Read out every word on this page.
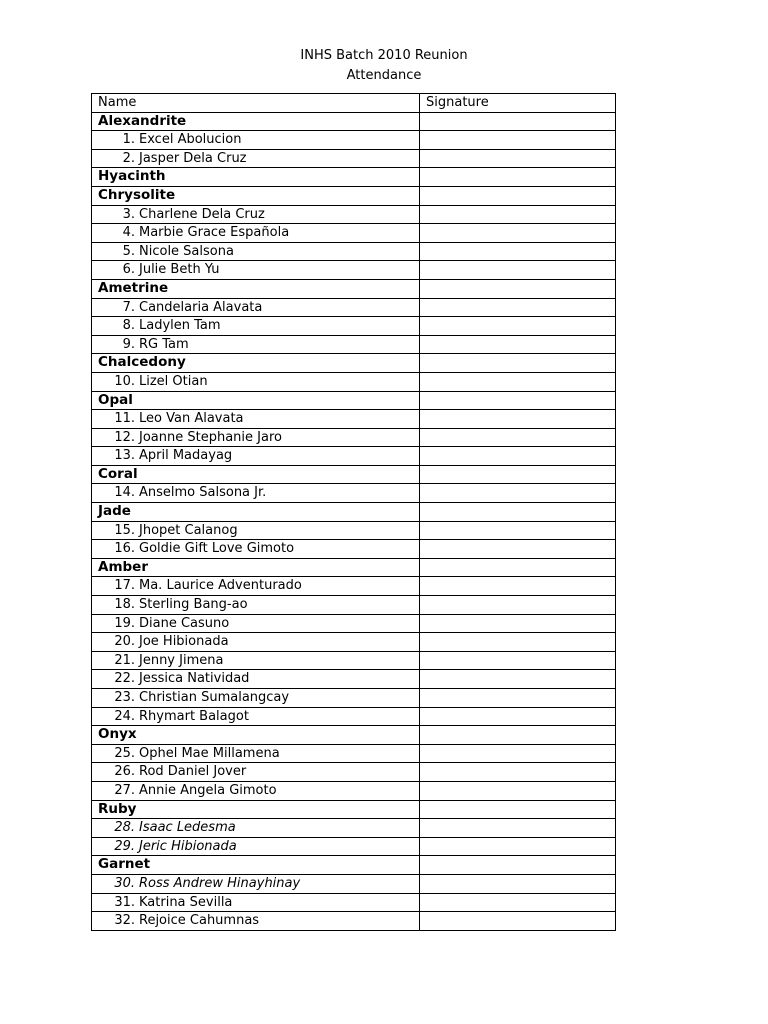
INHS Batch 2010 Reunion
Attendance
Name	Signature
Alexandrite	
1. Excel Abolucion	
2. Jasper Dela Cruz	
Hyacinth	
Chrysolite	
3. Charlene Dela Cruz	
4. Marbie Grace Española	
5. Nicole Salsona	
6. Julie Beth Yu	
Ametrine	
7. Candelaria Alavata	
8. Ladylen Tam	
9. RG Tam	
Chalcedony	
10. Lizel Otian	
Opal	
11. Leo Van Alavata	
12. Joanne Stephanie Jaro	
13. April Madayag	
Coral	
14. Anselmo Salsona Jr.	
Jade	
15. Jhopet Calanog	
16. Goldie Gift Love Gimoto	
Amber	
17. Ma. Laurice Adventurado	
18. Sterling Bang-ao	
19. Diane Casuno	
20. Joe Hibionada	
21. Jenny Jimena	
22. Jessica Natividad	
23. Christian Sumalangcay	
24. Rhymart Balagot	
Onyx	
25. Ophel Mae Millamena	
26. Rod Daniel Jover	
27. Annie Angela Gimoto	
Ruby	
28. Isaac Ledesma	
29. Jeric Hibionada	
Garnet	
30. Ross Andrew Hinayhinay	
31. Katrina Sevilla	
32. Rejoice Cahumnas	
